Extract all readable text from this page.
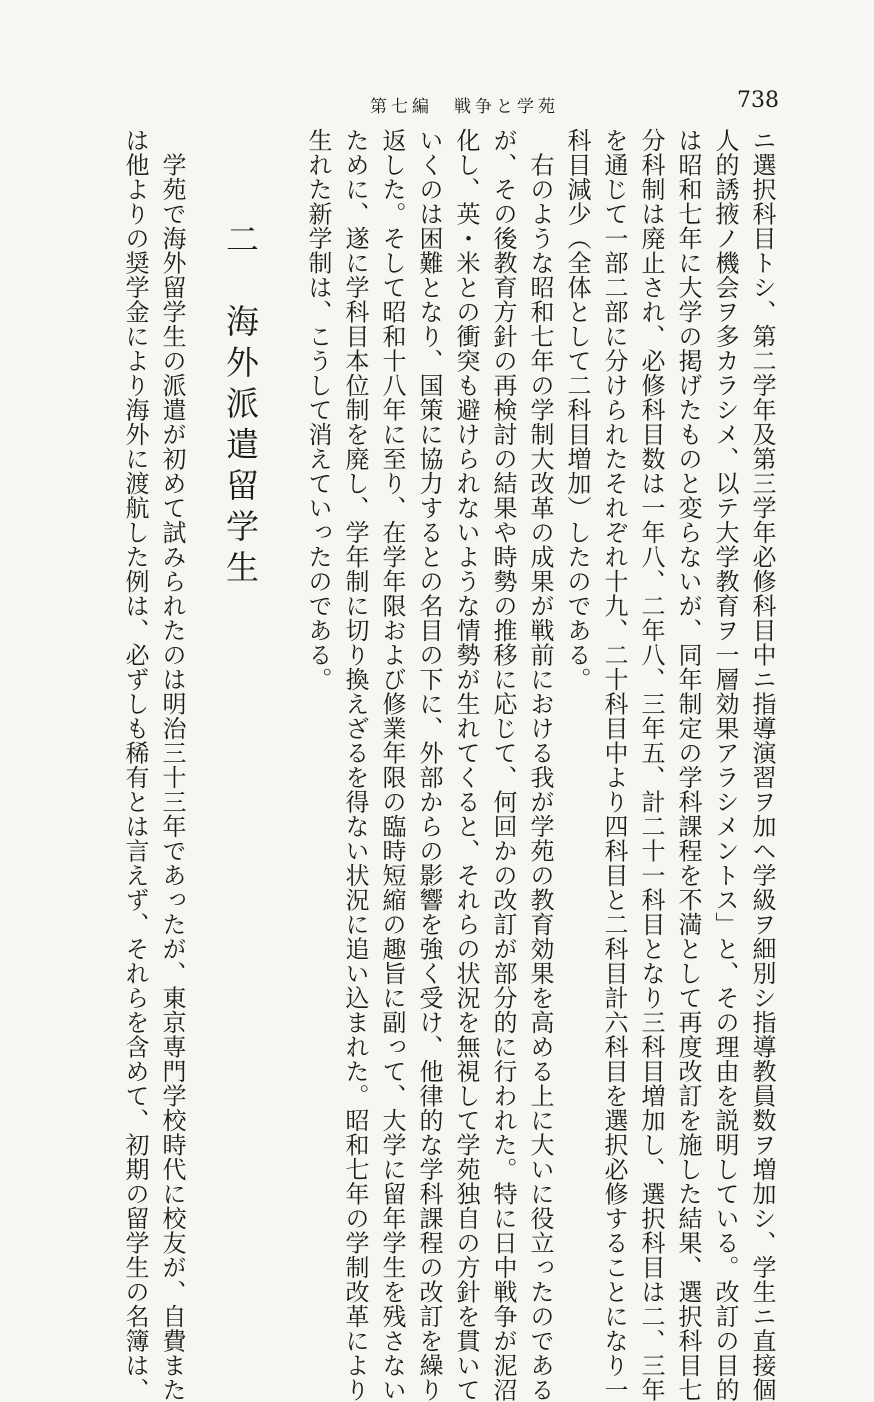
第七編　戦争と学苑	738
ニ選択科目トシ、第二学年及第三学年必修科目中ニ指導演習ヲ加ヘ学級ヲ細別シ指導教員数ヲ増加シ、学生ニ直接個
人的誘掖ノ機会ヲ多カラシメ、以テ大学教育ヲ一層効果アラシメントス」と、その理由を説明している。改訂の目的
は昭和七年に大学の掲げたものと変らないが、同年制定の学科課程を不満として再度改訂を施した結果、選択科目七
分科制は廃止され、必修科目数は一年八、二年八、三年五、計二十一科目となり三科目増加し、選択科目は二、三年
を通じて一部二部に分けられたそれぞれ十九、二十科目中より四科目と二科目計六科目を選択必修することになり一
科目減少（全体として二科目増加）したのである。
　右のような昭和七年の学制大改革の成果が戦前における我が学苑の教育効果を高める上に大いに役立ったのである
が、その後教育方針の再検討の結果や時勢の推移に応じて、何回かの改訂が部分的に行われた。特に日中戦争が泥沼
化し、英・米との衝突も避けられないような情勢が生れてくると、それらの状況を無視して学苑独自の方針を貫いて
いくのは困難となり、国策に協力するとの名目の下に、外部からの影響を強く受け、他律的な学科課程の改訂を繰り
返した。そして昭和十八年に至り、在学年限および修業年限の臨時短縮の趣旨に副って、大学に留年学生を残さない
ために、遂に学科目本位制を廃し、学年制に切り換えざるを得ない状況に追い込まれた。昭和七年の学制改革により
生れた新学制は、こうして消えていったのである。
二　海外派遣留学生
　学苑で海外留学生の派遣が初めて試みられたのは明治三十三年であったが、東京専門学校時代に校友が、自費また
は他よりの奨学金により海外に渡航した例は、必ずしも稀有とは言えず、それらを含めて、初期の留学生の名簿は、
